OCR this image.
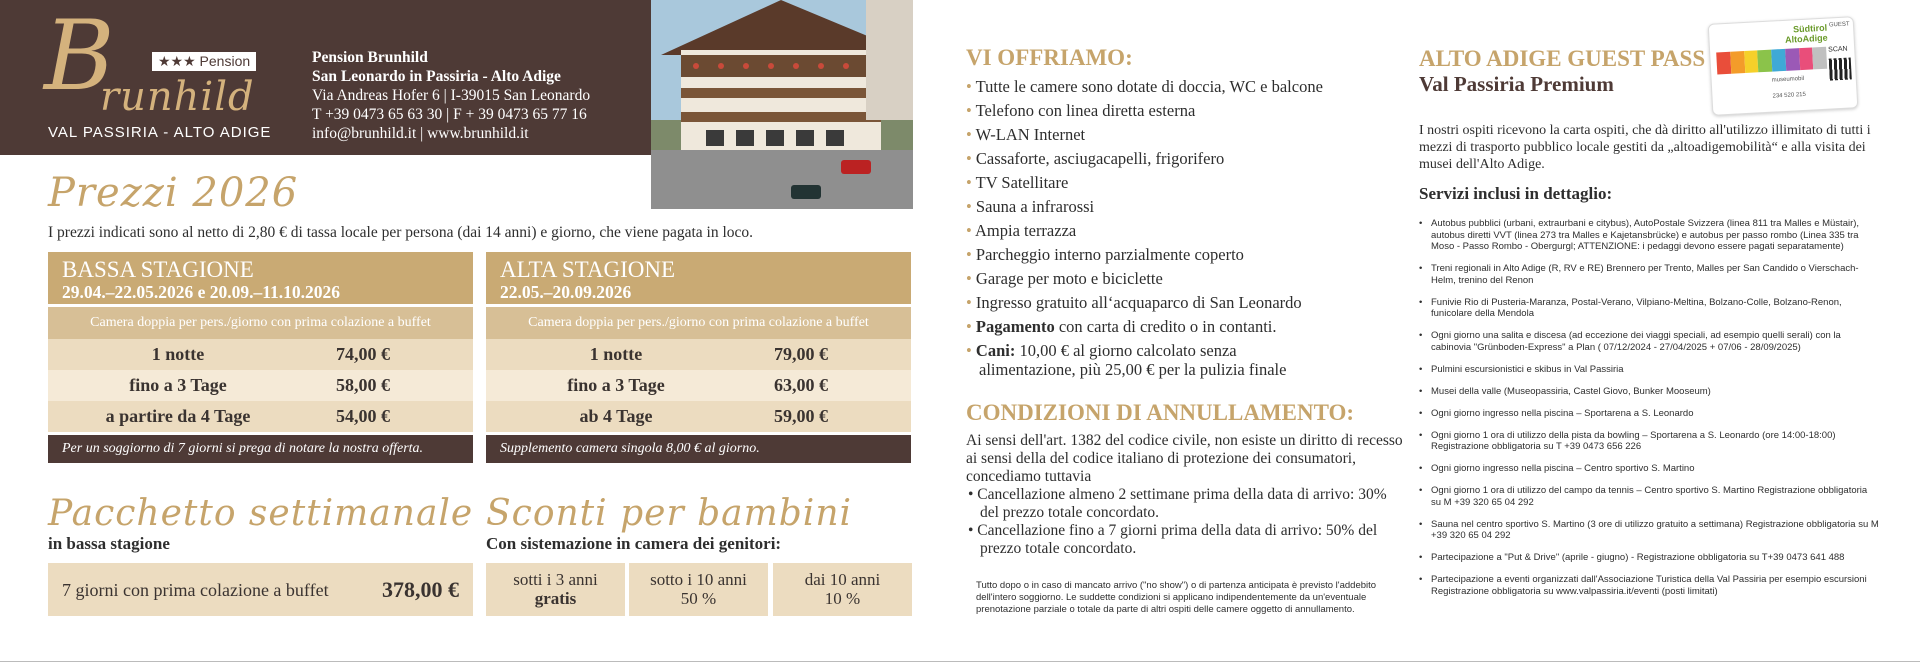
B
runhild
★★★ Pension
VAL PASSIRIA - ALTO ADIGE
Pension Brunhild
San Leonardo in Passiria - Alto Adige
Via Andreas Hofer 6 | I-39015 San Leonardo
T +39 0473 65 63 30 | F + 39 0473 65 77 16
info@brunhild.it | www.brunhild.it
Prezzi 2026
I prezzi indicati sono al netto di 2,80 € di tassa locale per persona (dai 14 anni) e giorno, che viene pagata in loco.
BASSA STAGIONE
29.04.–22.05.2026 e 20.09.–11.10.2026
Camera doppia per pers./giorno con prima colazione a buffet
1 notte	74,00 €
fino a 3 Tage	58,00 €
a partire da 4 Tage	54,00 €
Per un soggiorno di 7 giorni si prega di notare la nostra offerta.
ALTA STAGIONE
22.05.–20.09.2026
Camera doppia per pers./giorno con prima colazione a buffet
1 notte	79,00 €
fino a 3 Tage	63,00 €
ab 4 Tage	59,00 €
Supplemento camera singola 8,00 € al giorno.
Pacchetto settimanale
in bassa stagione
7 giorni con prima colazione a buffet	378,00 €
Sconti per bambini
Con sistemazione in camera dei genitori:
sotti i 3 anni
gratis
sotto i 10 anni
50 %
dai 10 anni
10 %
VI OFFRIAMO:
• Tutte le camere sono dotate di doccia, WC e balcone
• Telefono con linea diretta esterna
• W-LAN Internet
• Cassaforte, asciugacapelli, frigorifero
• TV Satellitare
• Sauna a infrarossi
• Ampia terrazza
• Parcheggio interno parzialmente coperto
• Garage per moto e biciclette
• Ingresso gratuito all‘acquaparco di San Leonardo
• Pagamento con carta di credito o in contanti.
• Cani: 10,00 € al giorno calcolato senza
alimentazione, più 25,00 € per la pulizia finale
CONDIZIONI DI ANNULLAMENTO:
Ai sensi dell'art. 1382 del codice civile, non esiste un diritto di recesso ai sensi della del codice italiano di protezione dei consumatori, concediamo tuttavia
• Cancellazione almeno 2 settimane prima della data di arrivo: 30% del prezzo totale concordato.
• Cancellazione fino a 7 giorni prima della data di arrivo: 50% del prezzo totale concordato.
Tutto dopo o in caso di mancato arrivo ("no show") o di partenza anticipata è previsto l'addebito dell'intero soggiorno. Le suddette condizioni si applicano indipendentemente da un'eventuale prenotazione parziale o totale da parte di altri ospiti delle camere oggetto di annullamento.
ALTO ADIGE GUEST PASS
Val Passiria Premium
Südtirol AltoAdige
GUEST
SCAN
museumobil
234 520 215
I nostri ospiti ricevono la carta ospiti, che dà diritto all'utilizzo illimitato di tutti i mezzi di trasporto pubblico locale gestiti da „altoadigemobilità“ e alla visita dei musei dell'Alto Adige.
Servizi inclusi in dettaglio:
• Autobus pubblici (urbani, extraurbani e citybus), AutoPostale Svizzera (linea 811 tra Malles e Müstair), autobus diretti VVT (linea 273 tra Malles e Kajetansbrücke) e autobus per passo rombo (Linea 335 tra Moso - Passo Rombo - Obergurgl; ATTENZIONE: i pedaggi devono essere pagati separatamente)
• Treni regionali in Alto Adige (R, RV e RE) Brennero per Trento, Malles per San Candido o Vierschach-Helm, trenino del Renon
• Funivie Rio di Pusteria-Maranza, Postal-Verano, Vilpiano-Meltina, Bolzano-Colle, Bolzano-Renon, funicolare della Mendola
• Ogni giorno una salita e discesa (ad eccezione dei viaggi speciali, ad esempio quelli serali) con la cabinovia "Grünboden-Express" a Plan ( 07/12/2024 - 27/04/2025 + 07/06 - 28/09/2025)
• Pulmini escursionistici e skibus in Val Passiria
• Musei della valle (Museopassiria, Castel Giovo, Bunker Mooseum)
• Ogni giorno ingresso nella piscina – Sportarena a S. Leonardo
• Ogni giorno 1 ora di utilizzo della pista da bowling – Sportarena a S. Leonardo (ore 14:00-18:00) Registrazione obbligatoria su T +39 0473 656 226
• Ogni giorno ingresso nella piscina – Centro sportivo S. Martino
• Ogni giorno 1 ora di utilizzo del campo da tennis – Centro sportivo S. Martino Registrazione obbligatoria su M +39 320 65 04 292
• Sauna nel centro sportivo S. Martino (3 ore di utilizzo gratuito a settimana) Registrazione obbligatoria su M +39 320 65 04 292
• Partecipazione a "Put & Drive" (aprile - giugno) - Registrazione obbligatoria su T+39 0473 641 488
• Partecipazione a eventi organizzati dall'Associazione Turistica della Val Passiria per esempio escursioni Registrazione obbligatoria su www.valpassiria.it/eventi (posti limitati)
